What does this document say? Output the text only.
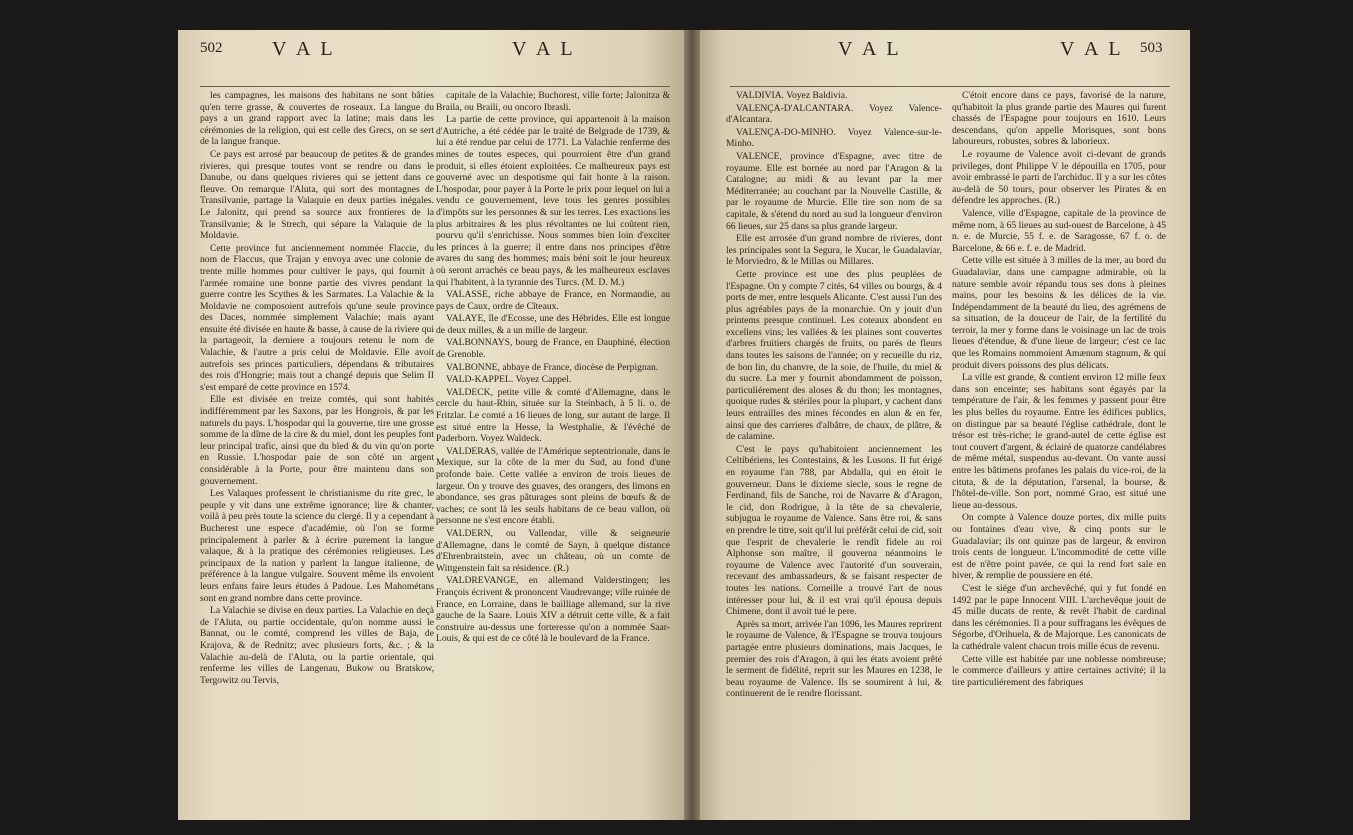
502 V A L	V A L	V A L	V A L 503

les campagnes, les maisons des habitans ne sont bâties qu'en terre grasse, & couvertes de roseaux. La langue du pays a un grand rapport avec la latine; mais dans les cérémonies de la religion, qui est celle des Grecs, on se sert de la langue franque.

Ce pays est arrosé par beaucoup de petites & de grandes rivieres, qui presque toutes vont se rendre ou dans le Danube, ou dans quelques rivieres qui se jettent dans ce fleuve. On remarque l'Aluta, qui sort des montagnes de Transilvanie, partage la Valaquie en deux parties inégales. Le Jalonitz, qui prend sa source aux frontieres de la Transilvanie; & le Strech, qui sépare la Valaquie de la Moldavie.

Cette province fut anciennement nommée Flaccie, du nom de Flaccus, que Trajan y envoya avec une colonie de trente mille hommes pour cultiver le pays, qui fournit à l'armée romaine une bonne partie des vivres pendant la guerre contre les Scythes & les Sarmates. La Valachie & la Moldavie ne composoient autrefois qu'une seule province des Daces, nommée simplement Valachie; mais ayant ensuite été divisée en haute & basse, à cause de la riviere qui la partageoit, la derniere a toujours retenu le nom de Valachie, & l'autre a pris celui de Moldavie. Elle avoit autrefois ses princes particuliers, dépendans & tributaires des rois d'Hongrie; mais tout a changé depuis que Selim II s'est emparé de cette province en 1574.

Elle est divisée en treize comtés, qui sont habités indifféremment par les Saxons, par les Hongrois, & par les naturels du pays. L'hospodar qui la gouverne, tire une grosse somme de la dîme de la cire & du miel, dont les peuples font leur principal trafic, ainsi que du bled & du vin qu'on porte en Russie. L'hospodar paie de son côté un argent considérable à la Porte, pour être maintenu dans son gouvernement.

Les Valaques professent le christianisme du rite grec, le peuple y vit dans une extrême ignorance; lire & chanter, voilà à peu près toute la science du clergé. Il y a cependant à Bucherest une espece d'académie, où l'on se forme principalement à parler & à écrire purement la langue valaque, & à la pratique des cérémonies religieuses. Les principaux de la nation y parlent la langue italienne, de préférence à la langue vulgaire. Souvent même ils envoient leurs enfans faire leurs études à Padoue. Les Mahométans sont en grand nombre dans cette province.

La Valachie se divise en deux parties. La Valachie en deçà de l'Aluta, ou partie occidentale, qu'on nomme aussi le Bannat, ou le comté, comprend les villes de Baja, de Krajova, & de Rednitz; avec plusieurs forts, &c. ; & la Valachie au-delà de l'Aluta, ou la partie orientale, qui renferme les villes de Langenau, Bukow ou Bratskow, Tergowitz ou Tervis,

capitale de la Valachie; Buchorest, ville forte; Jalonitza & Braila, ou Braili, ou oncoro Ibrasli.

La partie de cette province, qui appartenoit à la maison d'Autriche, a été cédée par le traité de Belgrade de 1739, & lui a été rendue par celui de 1771. La Valachie renferme des mines de toutes especes, qui pourroient être d'un grand produit, si elles étoient exploitées. Ce malheureux pays est gouverné avec un despotisme qui fait honte à la raison. L'hospodar, pour payer à la Porte le prix pour lequel on lui a vendu ce gouvernement, leve tous les genres possibles d'impôts sur les personnes & sur les terres. Les exactions les plus arbitraires & les plus révoltantes ne lui coûtent rien, pourvu qu'il s'enrichisse. Nous sommes bien loin d'exciter les princes à la guerre; il entre dans nos principes d'être avares du sang des hommes; mais béni soit le jour heureux où seront arrachés ce beau pays, & les malheureux esclaves qui l'habitent, à la tyrannie des Turcs. (M. D. M.)

VALASSE, riche abbaye de France, en Normandie, au pays de Caux, ordre de Cîteaux.

VALAYE, île d'Ecosse, une des Hébrides. Elle est longue de deux milles, & a un mille de largeur.

VALBONNAYS, bourg de France, en Dauphiné, élection de Grenoble.

VALBONNE, abbaye de France, diocèse de Perpignan.

VALD-KAPPEL. Voyez Cappel.

VALDECK, petite ville & comté d'Allemagne, dans le cercle du haut-Rhin, située sur la Steinbach, à 5 li. o. de Fritzlar. Le comté a 16 lieues de long, sur autant de large. Il est situé entre la Hesse, la Westphalie, & l'évêché de Paderborn. Voyez Waldeck.

VALDERAS, vallée de l'Amérique septentrionale, dans le Mexique, sur la côte de la mer du Sud, au fond d'une profonde baie. Cette vallée a environ de trois lieues de largeur. On y trouve des guaves, des orangers, des limons en abondance, ses gras pâturages sont pleins de bœufs & de vaches; ce sont là les seuls habitans de ce beau vallon, où personne ne s'est encore établi.

VALDERN, ou Vallendar, ville & seigneurie d'Allemagne, dans le comté de Sayn, à quelque distance d'Ehrenbraitstein, avec un château, où un comte de Wittgenstein fait sa résidence. (R.)

VALDREVANGE, en allemand Valderstingen; les François écrivent & prononcent Vaudrevange; ville ruinée de France, en Lorraine, dans le bailliage allemand, sur la rive gauche de la Saare. Louis XIV a détruit cette ville, & a fait construire au-dessus une forteresse qu'on a nommée Saar-Louis, & qui est de ce côté là le boulevard de la France.

VALDIVIA. Voyez Baldivia.

VALENÇA-D'ALCANTARA. Voyez Valence-d'Alcantara.

VALENÇA-DO-MINHO. Voyez Valence-sur-le-Minho.

VALENCE, province d'Espagne, avec titre de royaume. Elle est bornée au nord par l'Aragon & la Catalogne; au midi & au levant par la mer Méditerranée; au couchant par la Nouvelle Castille, & par le royaume de Murcie. Elle tire son nom de sa capitale, & s'étend du nord au sud la longueur d'environ 66 lieues, sur 25 dans sa plus grande largeur.

Elle est arrosée d'un grand nombre de rivieres, dont les principales sont la Segura, le Xucar, le Guadalaviar, le Morviedro, & le Millas ou Millares.

Cette province est une des plus peuplées de l'Espagne. On y compte 7 cités, 64 villes ou bourgs, & 4 ports de mer, entre lesquels Alicante. C'est aussi l'un des plus agréables pays de la monarchie. On y jouit d'un printems presque continuel. Les coteaux abondent en excellens vins; les vallées & les plaines sont couvertes d'arbres fruitiers chargés de fruits, ou parés de fleurs dans toutes les saisons de l'année; on y recueille du riz, de bon lin, du chanvre, de la soie, de l'huile, du miel & du sucre. La mer y fournit abondamment de poisson, particuliérement des aloses & du thon; les montagnes, quoique rudes & stériles pour la plupart, y cachent dans leurs entrailles des mines fécondes en alun & en fer, ainsi que des carrieres d'albâtre, de chaux, de plâtre, & de calamine.

C'est le pays qu'habitoient anciennement les Celtibériens, les Contestains, & les Lusons. Il fut érigé en royaume l'an 788, par Abdalla, qui en étoit le gouverneur. Dans le dixieme siecle, sous le regne de Ferdinand, fils de Sanche, roi de Navarre & d'Aragon, le cid, don Rodrigue, à la tête de sa chevalerie, subjugua le royaume de Valence. Sans être roi, & sans en prendre le titre, soit qu'il lui préférât celui de cid, soit que l'esprit de chevalerie le rendît fidele au roi Alphonse son maître, il gouverna néanmoins le royaume de Valence avec l'autorité d'un souverain, recevant des ambassadeurs, & se faisant respecter de toutes les nations. Corneille a trouvé l'art de nous intéresser pour lui, & il est vrai qu'il épousa depuis Chimene, dont il avoit tué le pere.

Après sa mort, arrivée l'an 1096, les Maures reprirent le royaume de Valence, & l'Espagne se trouva toujours partagée entre plusieurs dominations, mais Jacques, le premier des rois d'Aragon, à qui les états avoient prêté le serment de fidélité, reprit sur les Maures en 1238, le beau royaume de Valence. Ils se soumirent à lui, & continuerent de le rendre florissant.

C'étoit encore dans ce pays, favorisé de la nature, qu'habitoit la plus grande partie des Maures qui furent chassés de l'Espagne pour toujours en 1610. Leurs descendans, qu'on appelle Morisques, sont bons laboureurs, robustes, sobres & laborieux.

Le royaume de Valence avoit ci-devant de grands privileges, dont Philippe V le dépouilla en 1705, pour avoir embrassé le parti de l'archiduc. Il y a sur les côtes au-delà de 50 tours, pour observer les Pirates & en défendre les approches. (R.)

Valence, ville d'Espagne, capitale de la province de même nom, à 65 lieues au sud-ouest de Barcelone, à 45 n. e. de Murcie, 55 f. e. de Saragosse, 67 f. o. de Barcelone, & 66 e. f. e. de Madrid.

Cette ville est située à 3 milles de la mer, au bord du Guadalaviar, dans une campagne admirable, où la nature semble avoir répandu tous ses dons à pleines mains, pour les besoins & les délices de la vie. Indépendamment de la beauté du lieu, des agrémens de sa situation, de la douceur de l'air, de la fertilité du terroir, la mer y forme dans le voisinage un lac de trois lieues d'étendue, & d'une lieue de largeur; c'est ce lac que les Romains nommoient Amænum stagnum, & qui produit divers poissons des plus délicats.

La ville est grande, & contient environ 12 mille feux dans son enceinte; ses habitans sont égayés par la température de l'air, & les femmes y passent pour être les plus belles du royaume. Entre les édifices publics, on distingue par sa beauté l'église cathédrale, dont le trésor est très-riche; le grand-autel de cette église est tout couvert d'argent, & éclairé de quatorze candélabres de même métal, suspendus au-devant. On vante aussi entre les bâtimens profanes les palais du vice-roi, de la cituta, & de la députation, l'arsenal, la bourse, & l'hôtel-de-ville. Son port, nommé Grao, est situé une lieue au-dessous.

On compte à Valence douze portes, dix mille puits ou fontaines d'eau vive, & cinq ponts sur le Guadalaviar; ils ont quinze pas de largeur, & environ trois cents de longueur. L'incommodité de cette ville est de n'être point pavée, ce qui la rend fort sale en hiver, & remplie de poussiere en été.

C'est le siége d'un archevêché, qui y fut fondé en 1492 par le pape Innocent VIII. L'archevêque jouit de 45 mille ducats de rente, & revêt l'habit de cardinal dans les cérémonies. Il a pour suffragans les évêques de Ségorbe, d'Orihuela, & de Majorque. Les canonicats de la cathédrale valent chacun trois mille écus de revenu.

Cette ville est habitée par une noblesse nombreuse; le commerce d'ailleurs y attire certaines activité; il la tire particuliérement des fabriques
